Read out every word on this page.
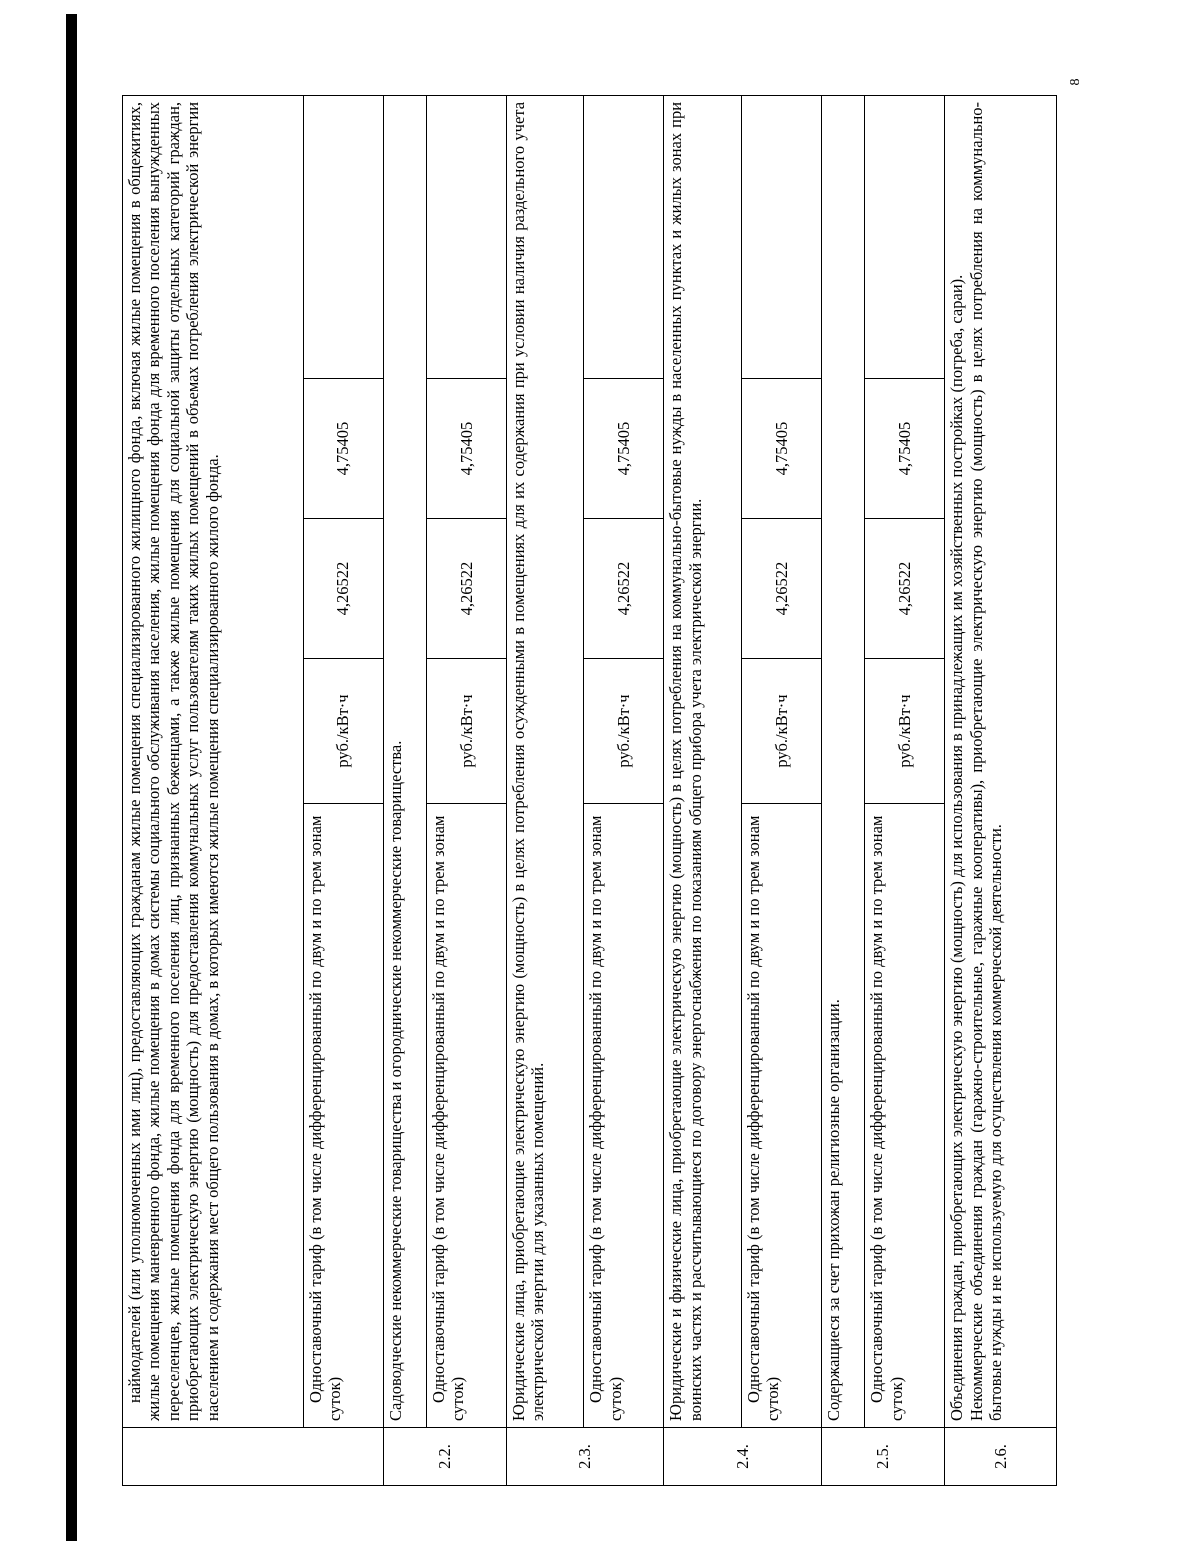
8
	наймодателей (или уполномоченных ими лиц), предоставляющих гражданам жилые помещения специализированного жилищного фонда, включая жилые помещения в общежитиях, жилые помещения маневренного фонда, жилые помещения в домах системы социального обслуживания населения, жилые помещения фонда для временного поселения вынужденных переселенцев, жилые помещения фонда для временного поселения лиц, признанных беженцами, а также жилые помещения для социальной защиты отдельных категорий граждан, приобретающих электрическую энергию (мощность) для предоставления коммунальных услуг пользователям таких жилых помещений в объемах потребления электрической энергии населением и содержания мест общего пользования в домах, в которых имеются жилые помещения специализированного жилого фонда.				
	Одноставочный тариф (в том числе дифференцированный по двум и по трем зонам суток)	руб./кВт·ч	4,26522	4,75405	
2.2.	Садоводческие некоммерческие товарищества и огороднические некоммерческие товарищества.				
	Одноставочный тариф (в том числе дифференцированный по двум и по трем зонам суток)	руб./кВт·ч	4,26522	4,75405	
2.3.	Юридические лица, приобретающие электрическую энергию (мощность) в целях потребления осужденными в помещениях для их содержания при условии наличия раздельного учета электрической энергии для указанных помещений.				
	Одноставочный тариф (в том числе дифференцированный по двум и по трем зонам суток)	руб./кВт·ч	4,26522	4,75405	
2.4.	Юридические и физические лица, приобретающие электрическую энергию (мощность) в целях потребления на коммунально-бытовые нужды в населенных пунктах и жилых зонах при воинских частях и рассчитывающиеся по договору энергоснабжения по показаниям общего прибора учета электрической энергии.				
	Одноставочный тариф (в том числе дифференцированный по двум и по трем зонам суток)	руб./кВт·ч	4,26522	4,75405	
2.5.	Содержащиеся за счет прихожан религиозные организации.				
	Одноставочный тариф (в том числе дифференцированный по двум и по трем зонам суток)	руб./кВт·ч	4,26522	4,75405	
2.6.	Объединения граждан, приобретающих электрическую энергию (мощность) для использования в принадлежащих им хозяйственных постройках (погреба, сараи). Некоммерческие объединения граждан (гаражно-строительные, гаражные кооперативы), приобретающие электрическую энергию (мощность) в целях потребления на коммунально-бытовые нужды и не используемую для осуществления коммерческой деятельности.				
